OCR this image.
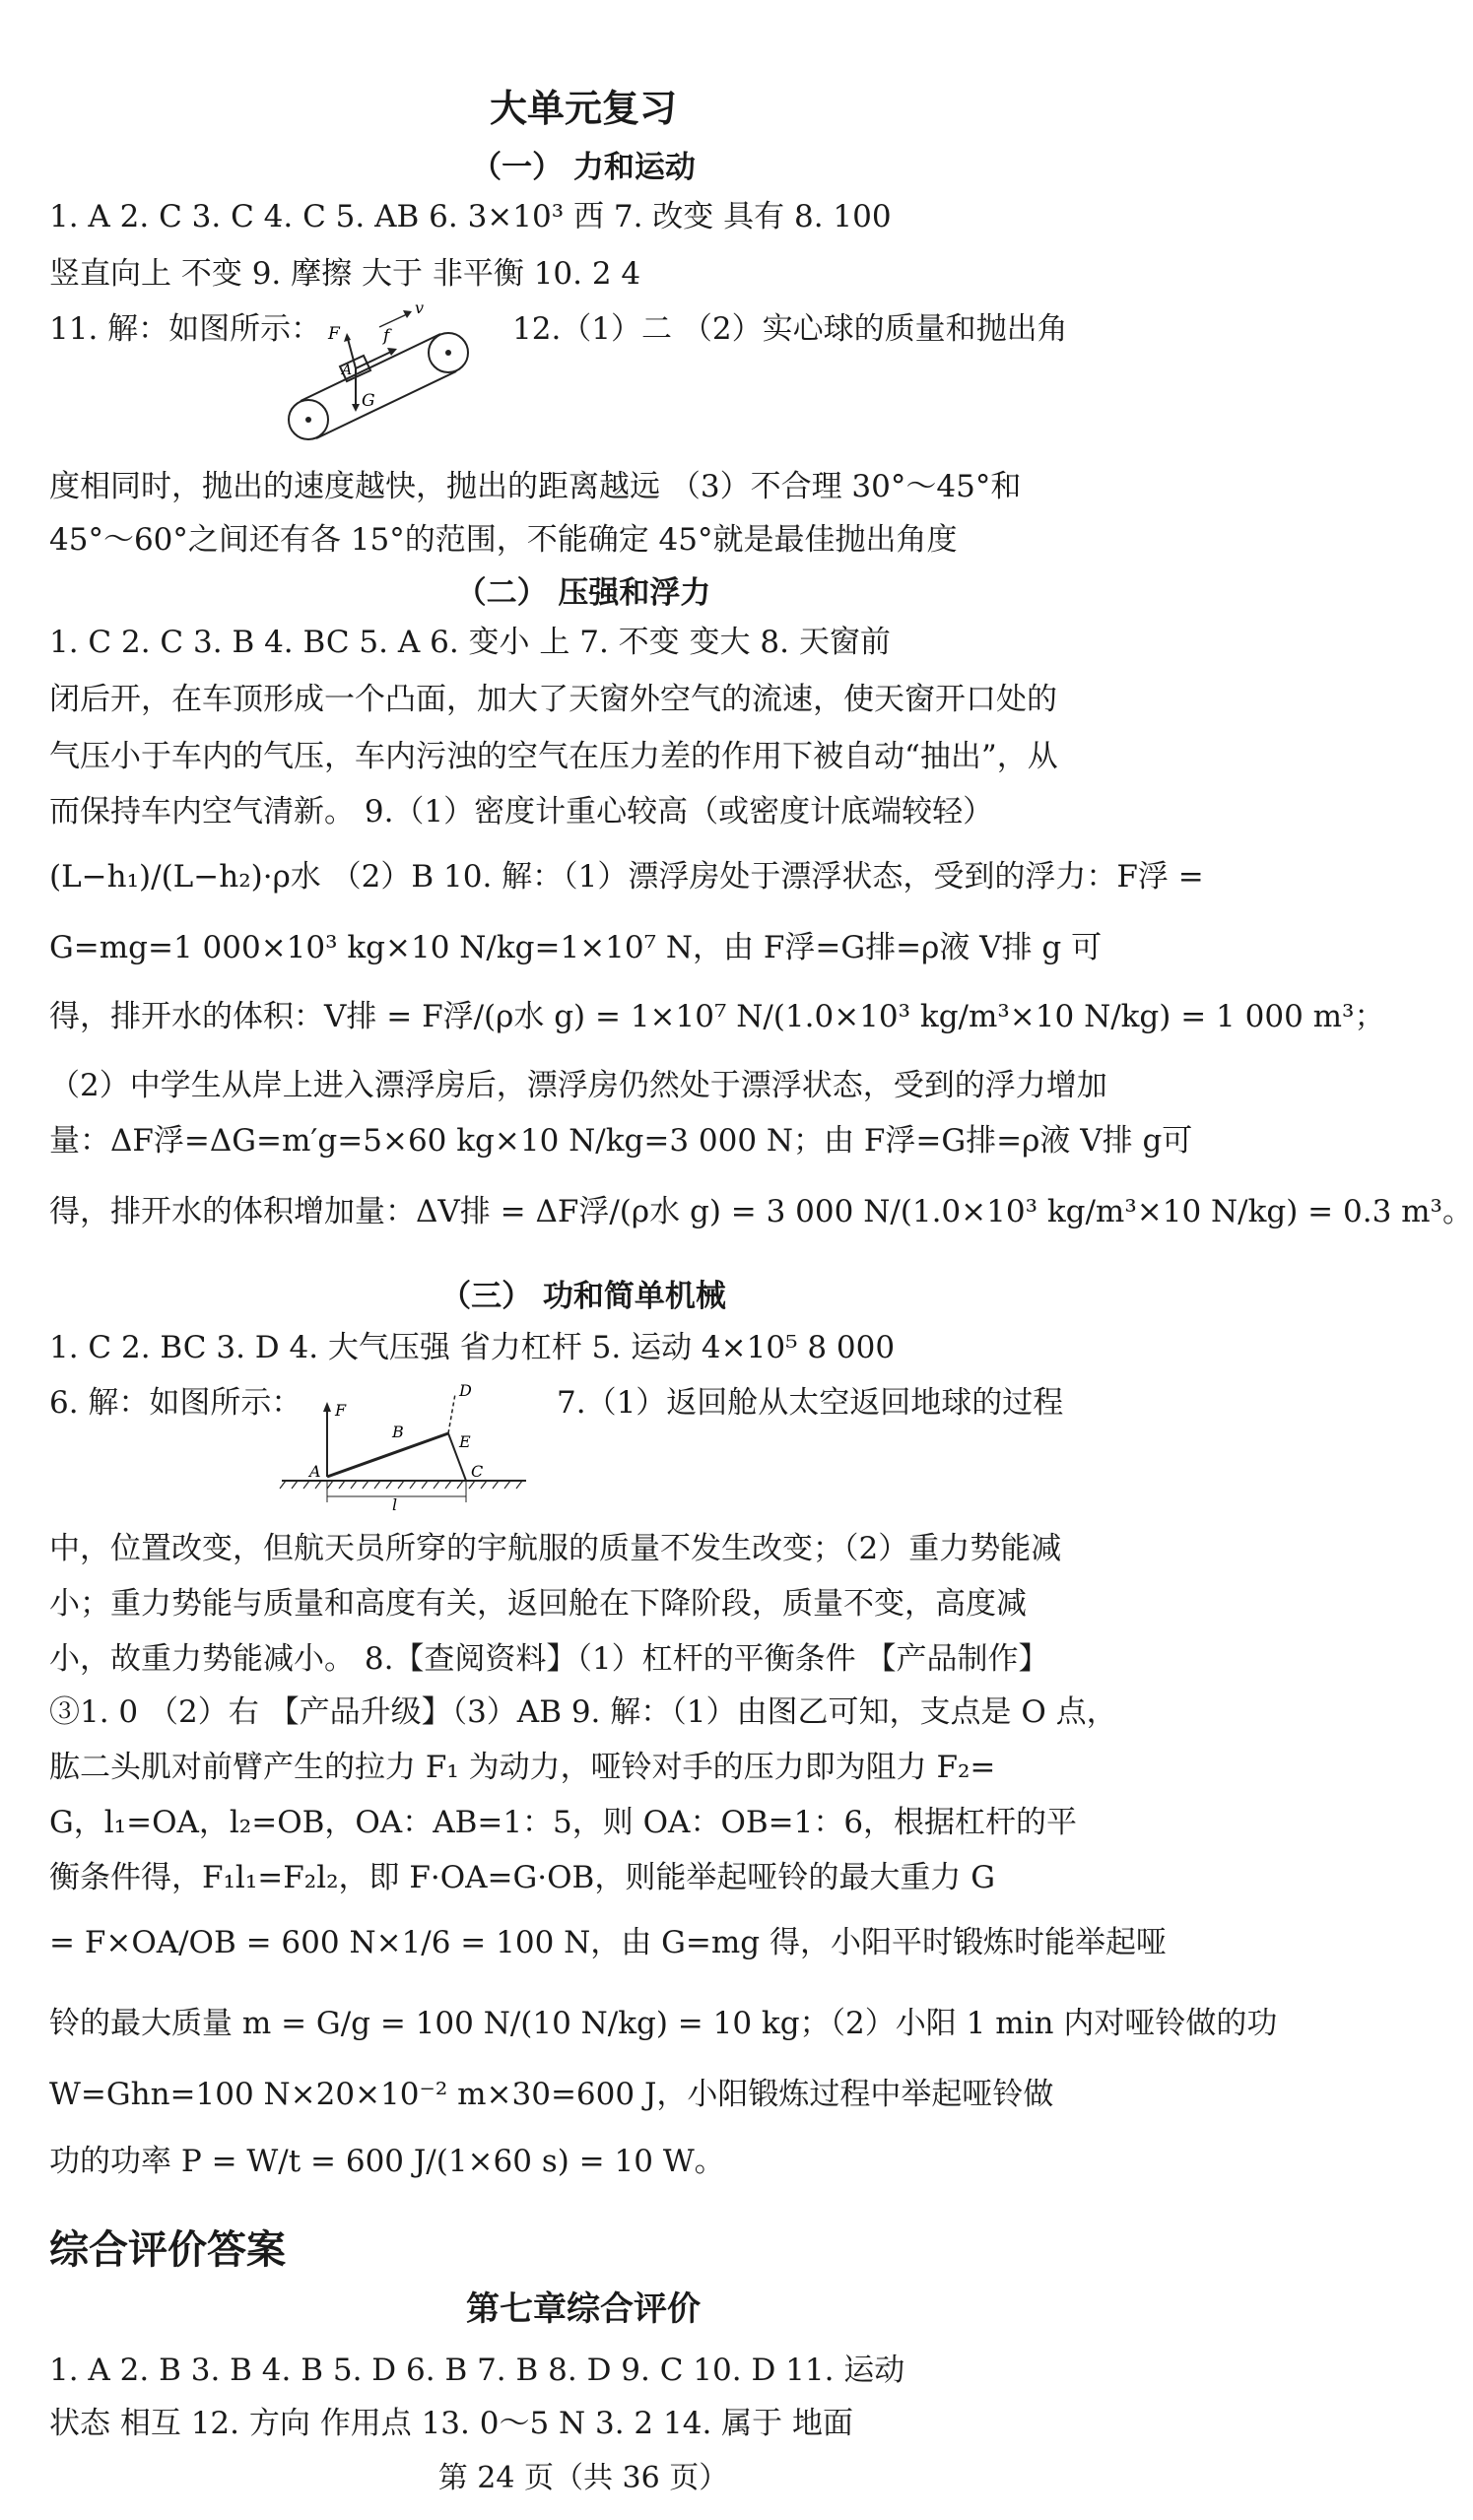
大单元复习
（一） 力和运动
1. A 2. C 3. C 4. C 5. AB 6. 3×10³ 西 7. 改变 具有 8. 100
竖直向上 不变 9. 摩擦 大于 非平衡 10. 2 4
11. 解：如图所示：	12.（1）二 （2）实心球的质量和抛出角
v
F	f
A
G
度相同时，抛出的速度越快，抛出的距离越远 （3）不合理 30°～45°和
45°～60°之间还有各 15°的范围，不能确定 45°就是最佳抛出角度
（二） 压强和浮力
1. C 2. C 3. B 4. BC 5. A 6. 变小 上 7. 不变 变大 8. 天窗前
闭后开，在车顶形成一个凸面，加大了天窗外空气的流速，使天窗开口处的
气压小于车内的气压，车内污浊的空气在压力差的作用下被自动“抽出”，从
而保持车内空气清新。 9.（1）密度计重心较高（或密度计底端较轻）
(L−h₁)/(L−h₂)·ρ水 （2）B 10. 解：（1）漂浮房处于漂浮状态，受到的浮力：F浮 =
G=mg=1 000×10³ kg×10 N/kg=1×10⁷ N，由 F浮=G排=ρ液 V排 g 可
得，排开水的体积：V排 = F浮/(ρ水 g) = 1×10⁷ N/(1.0×10³ kg/m³×10 N/kg) = 1 000 m³；
（2）中学生从岸上进入漂浮房后，漂浮房仍然处于漂浮状态，受到的浮力增加
量：ΔF浮=ΔG=m′g=5×60 kg×10 N/kg=3 000 N；由 F浮=G排=ρ液 V排 g可
得，排开水的体积增加量：ΔV排 = ΔF浮/(ρ水 g) = 3 000 N/(1.0×10³ kg/m³×10 N/kg) = 0.3 m³。
（三） 功和简单机械
1. C 2. BC 3. D 4. 大气压强 省力杠杆 5. 运动 4×10⁵ 8 000
6. 解：如图所示：	7.（1）返回舱从太空返回地球的过程
F
D
B
E
A	C
l
中，位置改变，但航天员所穿的宇航服的质量不发生改变；（2）重力势能减
小；重力势能与质量和高度有关，返回舱在下降阶段，质量不变，高度减
小，故重力势能减小。 8.【查阅资料】（1）杠杆的平衡条件 【产品制作】
③1. 0 （2）右 【产品升级】（3）AB 9. 解：（1）由图乙可知，支点是 O 点，
肱二头肌对前臂产生的拉力 F₁ 为动力，哑铃对手的压力即为阻力 F₂=
G，l₁=OA，l₂=OB，OA：AB=1：5，则 OA：OB=1：6，根据杠杆的平
衡条件得，F₁l₁=F₂l₂，即 F·OA=G·OB，则能举起哑铃的最大重力 G
= F×OA/OB = 600 N×1/6 = 100 N，由 G=mg 得，小阳平时锻炼时能举起哑
铃的最大质量 m = G/g = 100 N/(10 N/kg) = 10 kg；（2）小阳 1 min 内对哑铃做的功
W=Ghn=100 N×20×10⁻² m×30=600 J，小阳锻炼过程中举起哑铃做
功的功率 P = W/t = 600 J/(1×60 s) = 10 W。
综合评价答案
第七章综合评价
1. A 2. B 3. B 4. B 5. D 6. B 7. B 8. D 9. C 10. D 11. 运动
状态 相互 12. 方向 作用点 13. 0～5 N 3. 2 14. 属于 地面
第 24 页（共 36 页）
